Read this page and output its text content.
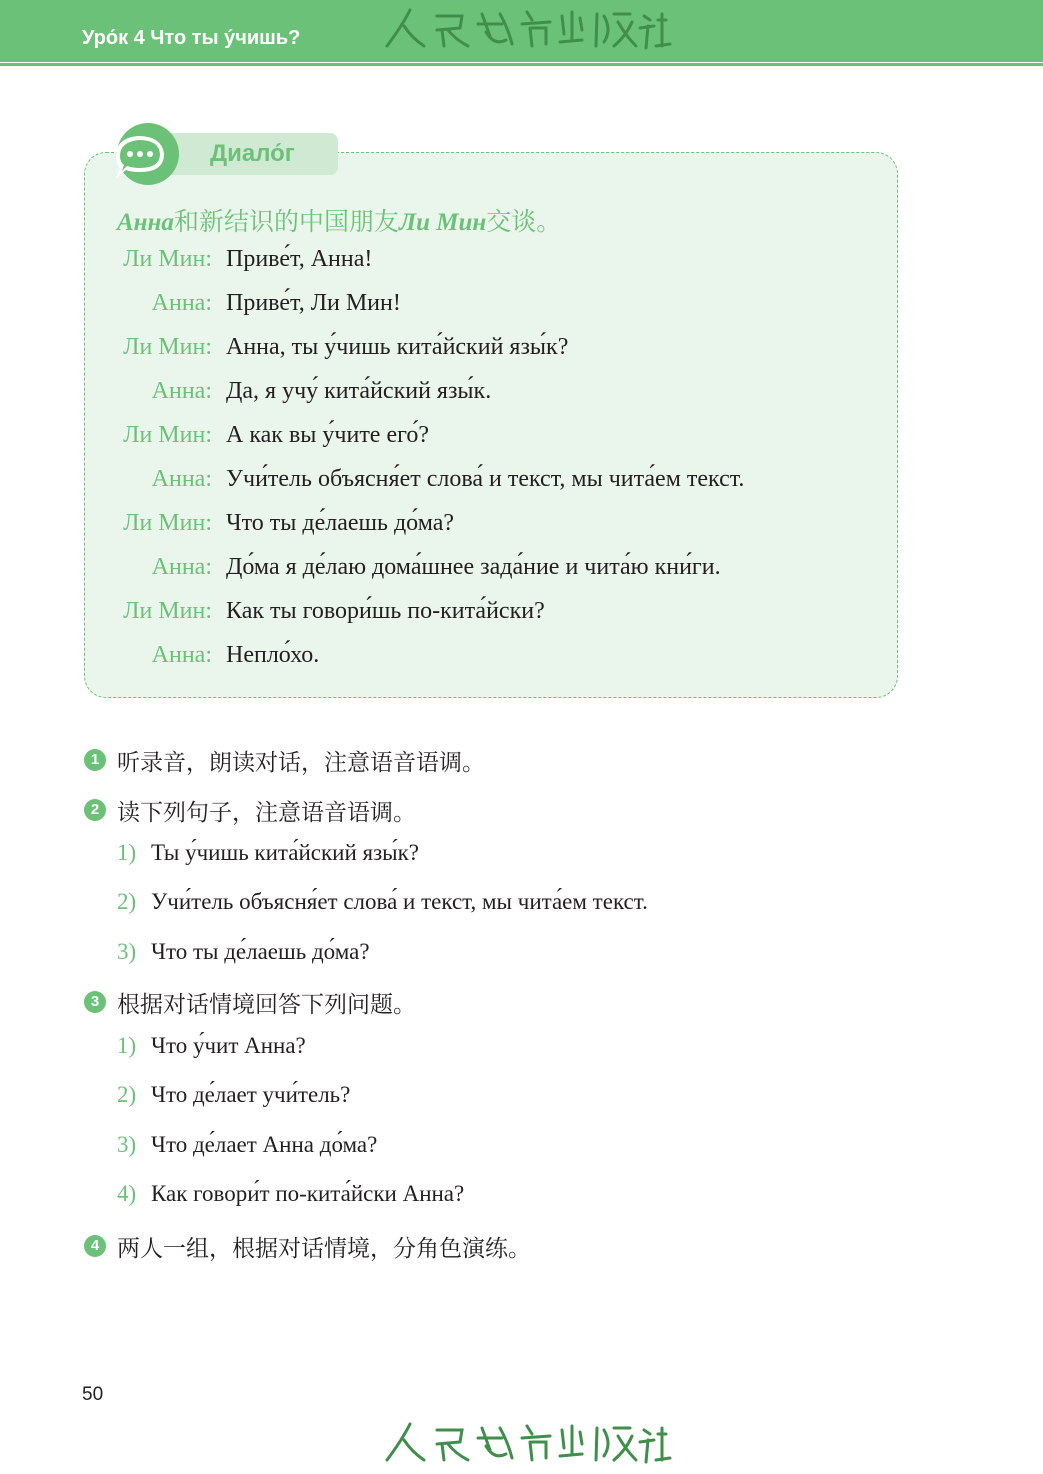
Уро́к 4 Что ты у́чишь?
Диало́г
Анна和新结识的中国朋友Ли Мин交谈。
Ли Мин: Приве́т, Анна!
Анна: Приве́т, Ли Мин!
Ли Мин: Анна, ты у́чишь кита́йский язы́к?
Анна: Да, я учу́ кита́йский язы́к.
Ли Мин: А как вы у́чите его́?
Анна: Учи́тель объясня́ет слова́ и текст, мы чита́ем текст.
Ли Мин: Что ты де́лаешь до́ма?
Анна: До́ма я де́лаю дома́шнее зада́ние и чита́ю кни́ги.
Ли Мин: Как ты говори́шь по-кита́йски?
Анна: Непло́хо.
1 听录音，朗读对话，注意语音语调。
2 读下列句子，注意语音语调。
1) Ты у́чишь кита́йский язы́к?
2) Учи́тель объясня́ет слова́ и текст, мы чита́ем текст.
3) Что ты де́лаешь до́ма?
3 根据对话情境回答下列问题。
1) Что у́чит Анна?
2) Что де́лает учи́тель?
3) Что де́лает Анна до́ма?
4) Как говори́т по-кита́йски Анна?
4 两人一组，根据对话情境，分角色演练。
50
